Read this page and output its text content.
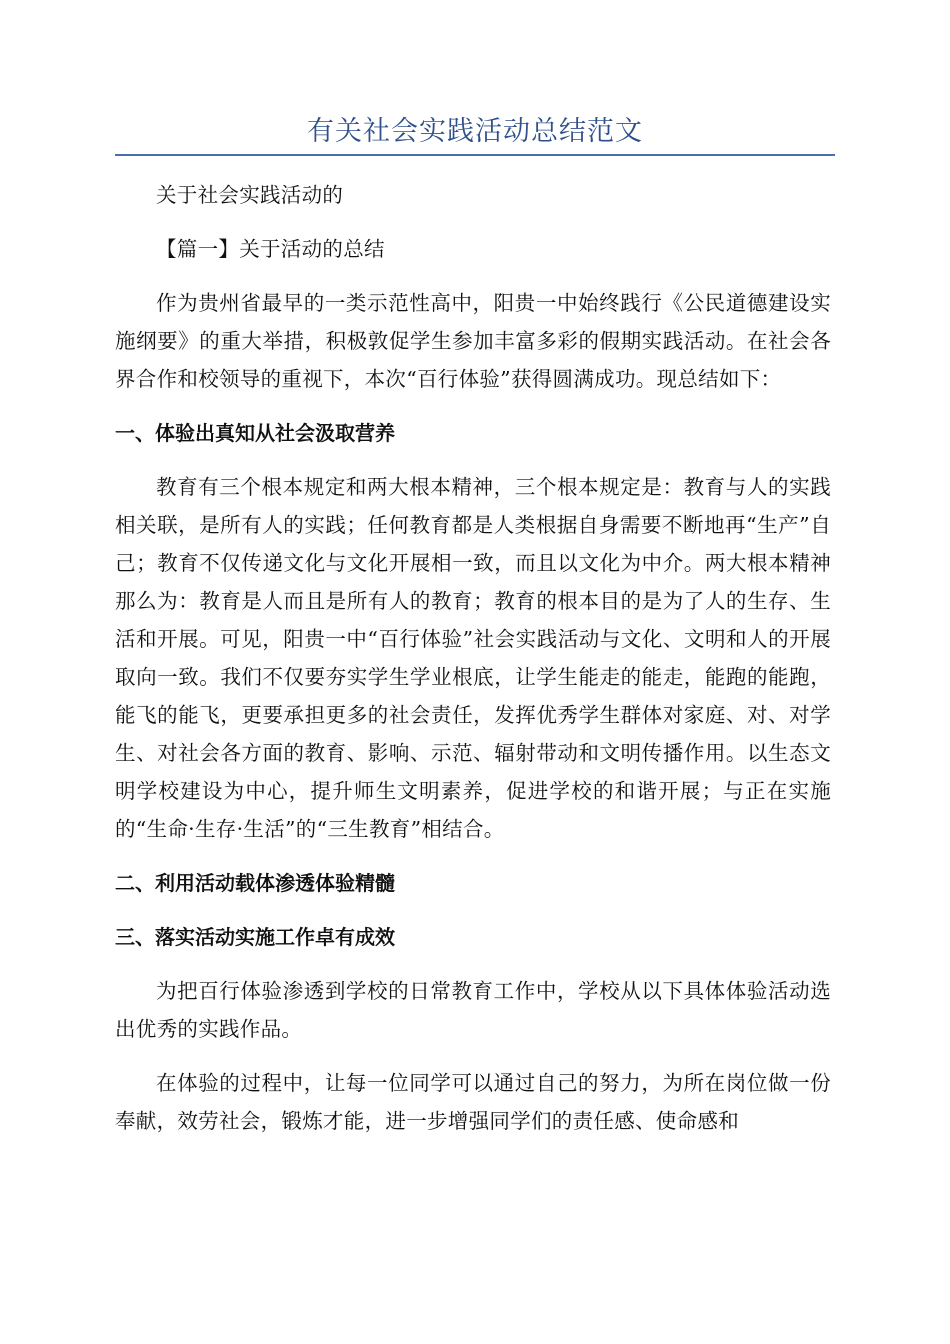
有关社会实践活动总结范文

关于社会实践活动的

【篇一】关于活动的总结

作为贵州省最早的一类示范性高中，阳贵一中始终践行《公民道德建设实施纲要》的重大举措，积极敦促学生参加丰富多彩的假期实践活动。在社会各界合作和校领导的重视下，本次“百行体验”获得圆满成功。现总结如下：

一、体验出真知从社会汲取营养

教育有三个根本规定和两大根本精神，三个根本规定是：教育与人的实践相关联，是所有人的实践；任何教育都是人类根据自身需要不断地再“生产”自己；教育不仅传递文化与文化开展相一致，而且以文化为中介。两大根本精神那么为：教育是人而且是所有人的教育；教育的根本目的是为了人的生存、生活和开展。可见，阳贵一中“百行体验”社会实践活动与文化、文明和人的开展取向一致。我们不仅要夯实学生学业根底，让学生能走的能走，能跑的能跑，能飞的能飞，更要承担更多的社会责任，发挥优秀学生群体对家庭、对、对学生、对社会各方面的教育、影响、示范、辐射带动和文明传播作用。以生态文明学校建设为中心，提升师生文明素养，促进学校的和谐开展；与正在实施的“生命·生存·生活”的“三生教育”相结合。

二、利用活动载体渗透体验精髓

三、落实活动实施工作卓有成效

为把百行体验渗透到学校的日常教育工作中，学校从以下具体体验活动选出优秀的实践作品。

在体验的过程中，让每一位同学可以通过自己的努力，为所在岗位做一份奉献，效劳社会，锻炼才能，进一步增强同学们的责任感、使命感和
